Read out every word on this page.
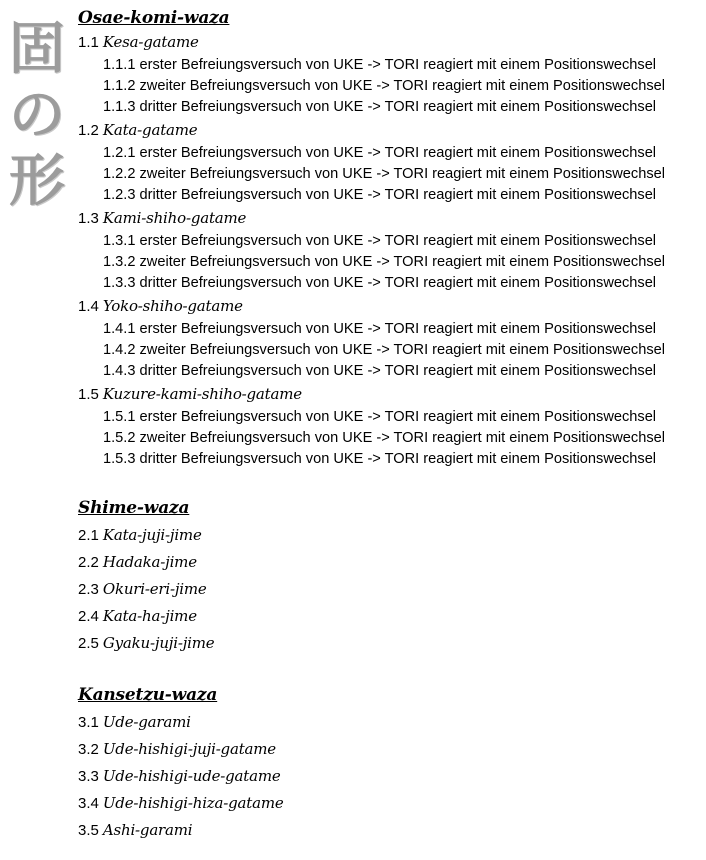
固
の
形
Osae-komi-waza
1.1 Kesa-gatame
1.1.1 erster Befreiungsversuch von UKE -> TORI reagiert mit einem Positionswechsel
1.1.2 zweiter Befreiungsversuch von UKE -> TORI reagiert mit einem Positionswechsel
1.1.3 dritter Befreiungsversuch von UKE -> TORI reagiert mit einem Positionswechsel
1.2 Kata-gatame
1.2.1 erster Befreiungsversuch von UKE -> TORI reagiert mit einem Positionswechsel
1.2.2 zweiter Befreiungsversuch von UKE -> TORI reagiert mit einem Positionswechsel
1.2.3 dritter Befreiungsversuch von UKE -> TORI reagiert mit einem Positionswechsel
1.3 Kami-shiho-gatame
1.3.1 erster Befreiungsversuch von UKE -> TORI reagiert mit einem Positionswechsel
1.3.2 zweiter Befreiungsversuch von UKE -> TORI reagiert mit einem Positionswechsel
1.3.3 dritter Befreiungsversuch von UKE -> TORI reagiert mit einem Positionswechsel
1.4 Yoko-shiho-gatame
1.4.1 erster Befreiungsversuch von UKE -> TORI reagiert mit einem Positionswechsel
1.4.2 zweiter Befreiungsversuch von UKE -> TORI reagiert mit einem Positionswechsel
1.4.3 dritter Befreiungsversuch von UKE -> TORI reagiert mit einem Positionswechsel
1.5 Kuzure-kami-shiho-gatame
1.5.1 erster Befreiungsversuch von UKE -> TORI reagiert mit einem Positionswechsel
1.5.2 zweiter Befreiungsversuch von UKE -> TORI reagiert mit einem Positionswechsel
1.5.3 dritter Befreiungsversuch von UKE -> TORI reagiert mit einem Positionswechsel
Shime-waza
2.1 Kata-juji-jime
2.2 Hadaka-jime
2.3 Okuri-eri-jime
2.4 Kata-ha-jime
2.5 Gyaku-juji-jime
Kansetzu-waza
3.1 Ude-garami
3.2 Ude-hishigi-juji-gatame
3.3 Ude-hishigi-ude-gatame
3.4 Ude-hishigi-hiza-gatame
3.5 Ashi-garami
